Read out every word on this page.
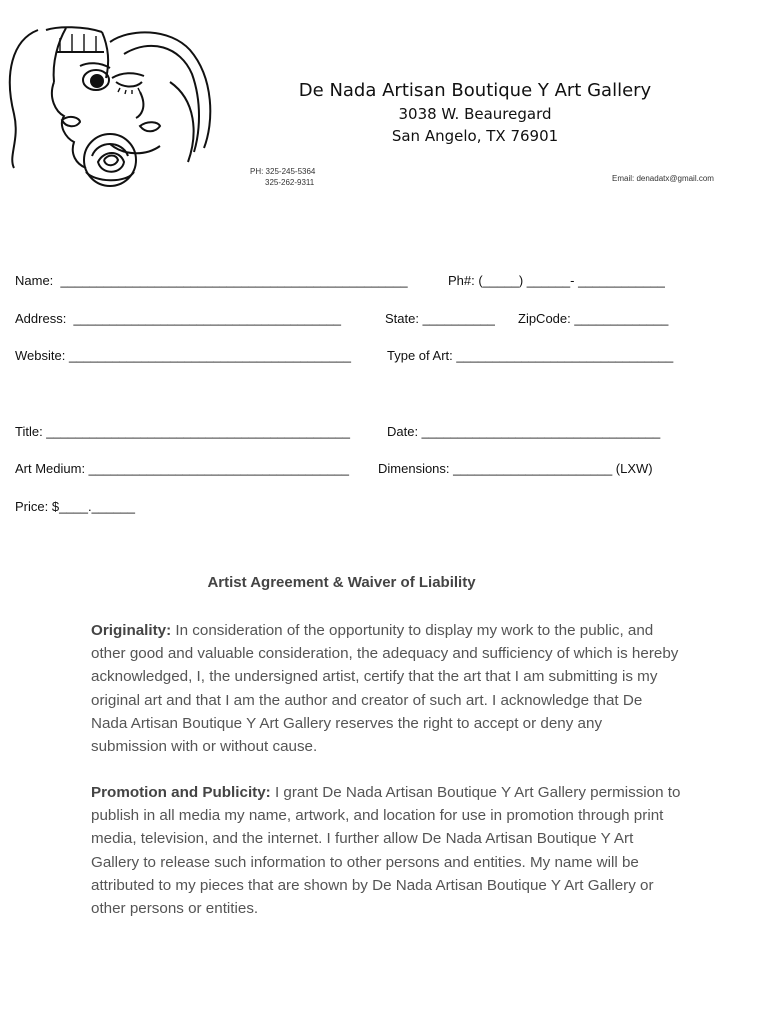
De Nada Artisan Boutique Y Art Gallery
3038 W. Beauregard
San Angelo, TX 76901
PH: 325-245-5364
325-262-9311	Email: denadatx@gmail.com
Name:  ________________________________________________	Ph#: (_____) ______- ____________
Address:  _____________________________________	State: __________ ZipCode: _____________
Website: _______________________________________	Type of Art: ______________________________
Title: __________________________________________	Date: _________________________________
Art Medium: ____________________________________ Dimensions: ______________________ (LXW)
Price: $____.______
Artist Agreement & Waiver of Liability
Originality: In consideration of the opportunity to display my work to the public, and other good and valuable consideration, the adequacy and sufficiency of which is hereby acknowledged, I, the undersigned artist, certify that the art that I am submitting is my original art and that I am the author and creator of such art. I acknowledge that De Nada Artisan Boutique Y Art Gallery reserves the right to accept or deny any submission with or without cause.
Promotion and Publicity: I grant De Nada Artisan Boutique Y Art Gallery permission to publish in all media my name, artwork, and location for use in promotion through print media, television, and the internet. I further allow De Nada Artisan Boutique Y Art Gallery to release such information to other persons and entities. My name will be attributed to my pieces that are shown by De Nada Artisan Boutique Y Art Gallery or other persons or entities.
